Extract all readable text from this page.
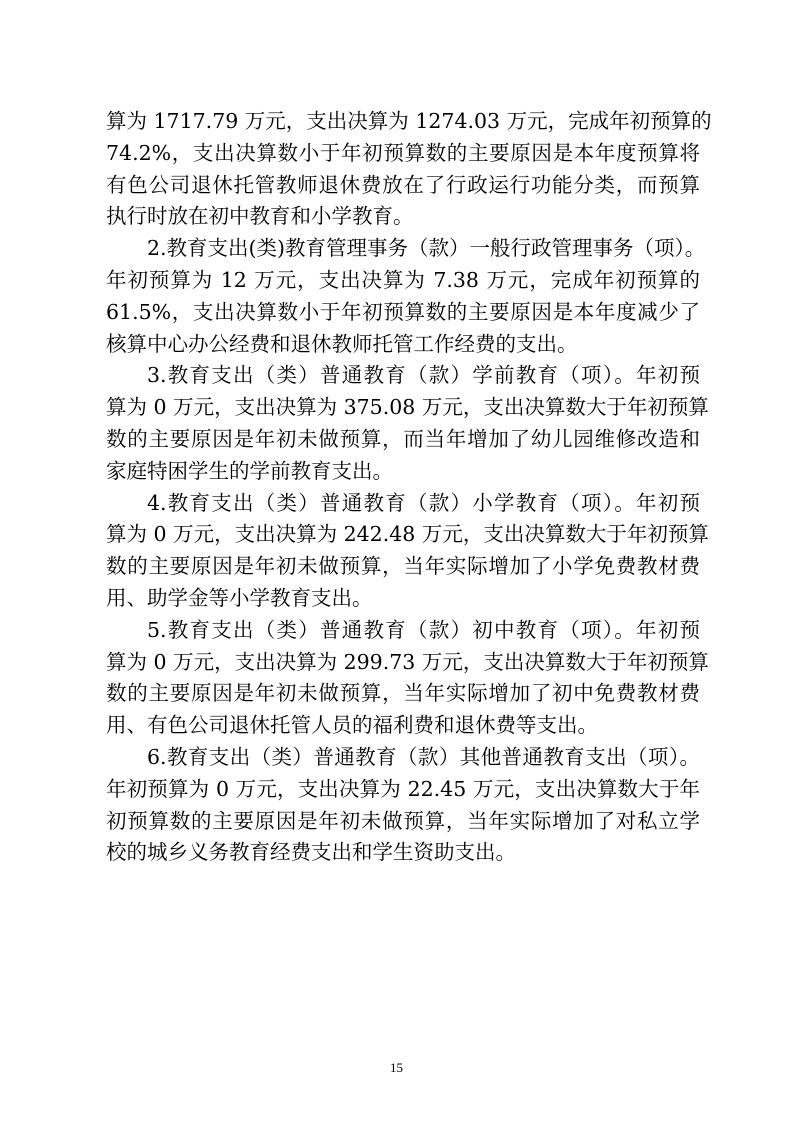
算为 1717.79 万元，支出决算为 1274.03 万元，完成年初预算的
74.2%，支出决算数小于年初预算数的主要原因是本年度预算将
有色公司退休托管教师退休费放在了行政运行功能分类，而预算
执行时放在初中教育和小学教育。
2.教育支出(类)教育管理事务（款）一般行政管理事务（项）。
年初预算为 12 万元，支出决算为 7.38 万元，完成年初预算的
61.5%，支出决算数小于年初预算数的主要原因是本年度减少了
核算中心办公经费和退休教师托管工作经费的支出。
3.教育支出（类）普通教育（款）学前教育（项）。年初预
算为 0 万元，支出决算为 375.08 万元，支出决算数大于年初预算
数的主要原因是年初未做预算，而当年增加了幼儿园维修改造和
家庭特困学生的学前教育支出。
4.教育支出（类）普通教育（款）小学教育（项）。年初预
算为 0 万元，支出决算为 242.48 万元，支出决算数大于年初预算
数的主要原因是年初未做预算，当年实际增加了小学免费教材费
用、助学金等小学教育支出。
5.教育支出（类）普通教育（款）初中教育（项）。年初预
算为 0 万元，支出决算为 299.73 万元，支出决算数大于年初预算
数的主要原因是年初未做预算，当年实际增加了初中免费教材费
用、有色公司退休托管人员的福利费和退休费等支出。
6.教育支出（类）普通教育（款）其他普通教育支出（项）。
年初预算为 0 万元，支出决算为 22.45 万元，支出决算数大于年
初预算数的主要原因是年初未做预算，当年实际增加了对私立学
校的城乡义务教育经费支出和学生资助支出。
15
